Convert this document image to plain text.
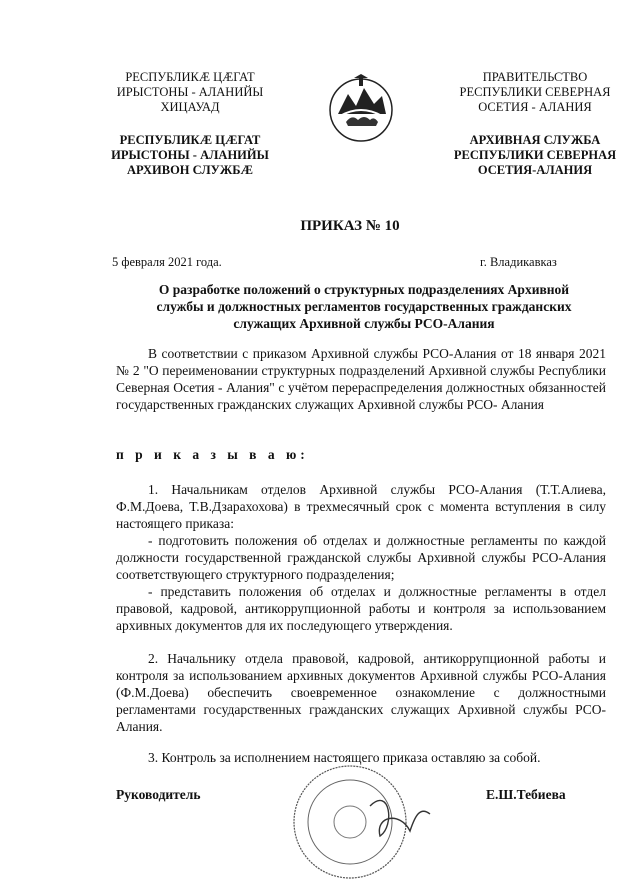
РЕСПУБЛИКӔ ЦӔГАТ
ИРЫСТОНЫ - АЛАНИЙЫ
ХИЦАУАД
РЕСПУБЛИКӔ ЦӔГАТ
ИРЫСТОНЫ - АЛАНИЙЫ
АРХИВОН СЛУЖБӔ
ПРАВИТЕЛЬСТВО
РЕСПУБЛИКИ СЕВЕРНАЯ
ОСЕТИЯ - АЛАНИЯ
АРХИВНАЯ СЛУЖБА
РЕСПУБЛИКИ СЕВЕРНАЯ
ОСЕТИЯ-АЛАНИЯ
ПРИКАЗ № 10
5 февраля 2021 года.	г. Владикавказ
О разработке положений о структурных подразделениях Архивной
службы и должностных регламентов государственных гражданских
служащих Архивной службы РСО-Алания
В соответствии с приказом Архивной службы РСО-Алания от 18 января 2021 № 2 "О переименовании структурных подразделений Архивной службы Республики Северная Осетия - Алания" с учётом перераспределения должностных обязанностей государственных гражданских служащих Архивной службы РСО- Алания
п р и к а з ы в а ю:
1. Начальникам отделов Архивной службы РСО-Алания (Т.Т.Алиева, Ф.М.Доева, Т.В.Дзарахохова) в трехмесячный срок с момента вступления в силу настоящего приказа:
- подготовить положения об отделах и должностные регламенты по каждой должности государственной гражданской службы Архивной службы РСО-Алания соответствующего структурного подразделения;
- представить положения об отделах и должностные регламенты в отдел правовой, кадровой, антикоррупционной работы и контроля за использованием архивных документов для их последующего утверждения.
2. Начальнику отдела правовой, кадровой, антикоррупционной работы и контроля за использованием архивных документов Архивной службы РСО-Алания (Ф.М.Доева) обеспечить своевременное ознакомление с должностными регламентами государственных гражданских служащих Архивной службы РСО-Алания.
3. Контроль за исполнением настоящего приказа оставляю за собой.
Руководитель	Е.Ш.Тебиева
